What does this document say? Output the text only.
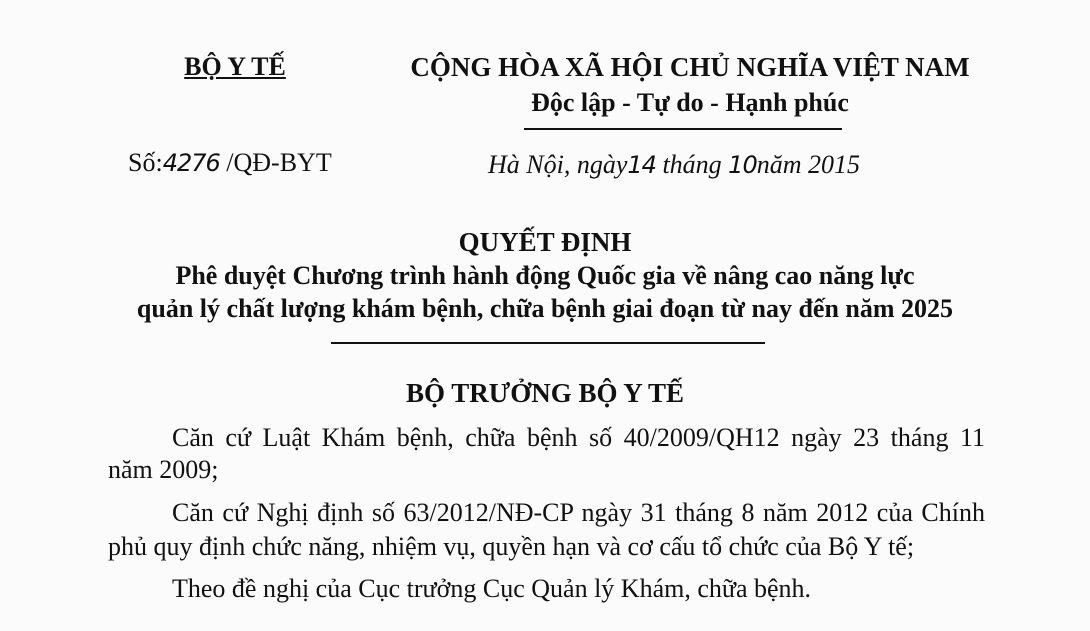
BỘ Y TẾ	CỘNG HÒA XÃ HỘI CHỦ NGHĨA VIỆT NAM
Độc lập - Tự do - Hạnh phúc
Số:4276 /QĐ-BYT	Hà Nội, ngày14 tháng 10năm 2015
QUYẾT ĐỊNH
Phê duyệt Chương trình hành động Quốc gia về nâng cao năng lực
quản lý chất lượng khám bệnh, chữa bệnh giai đoạn từ nay đến năm 2025
BỘ TRƯỞNG BỘ Y TẾ
Căn cứ Luật Khám bệnh, chữa bệnh số 40/2009/QH12 ngày 23 tháng 11
năm 2009;
Căn cứ Nghị định số 63/2012/NĐ-CP ngày 31 tháng 8 năm 2012 của Chính
phủ quy định chức năng, nhiệm vụ, quyền hạn và cơ cấu tổ chức của Bộ Y tế;
Theo đề nghị của Cục trưởng Cục Quản lý Khám, chữa bệnh.
